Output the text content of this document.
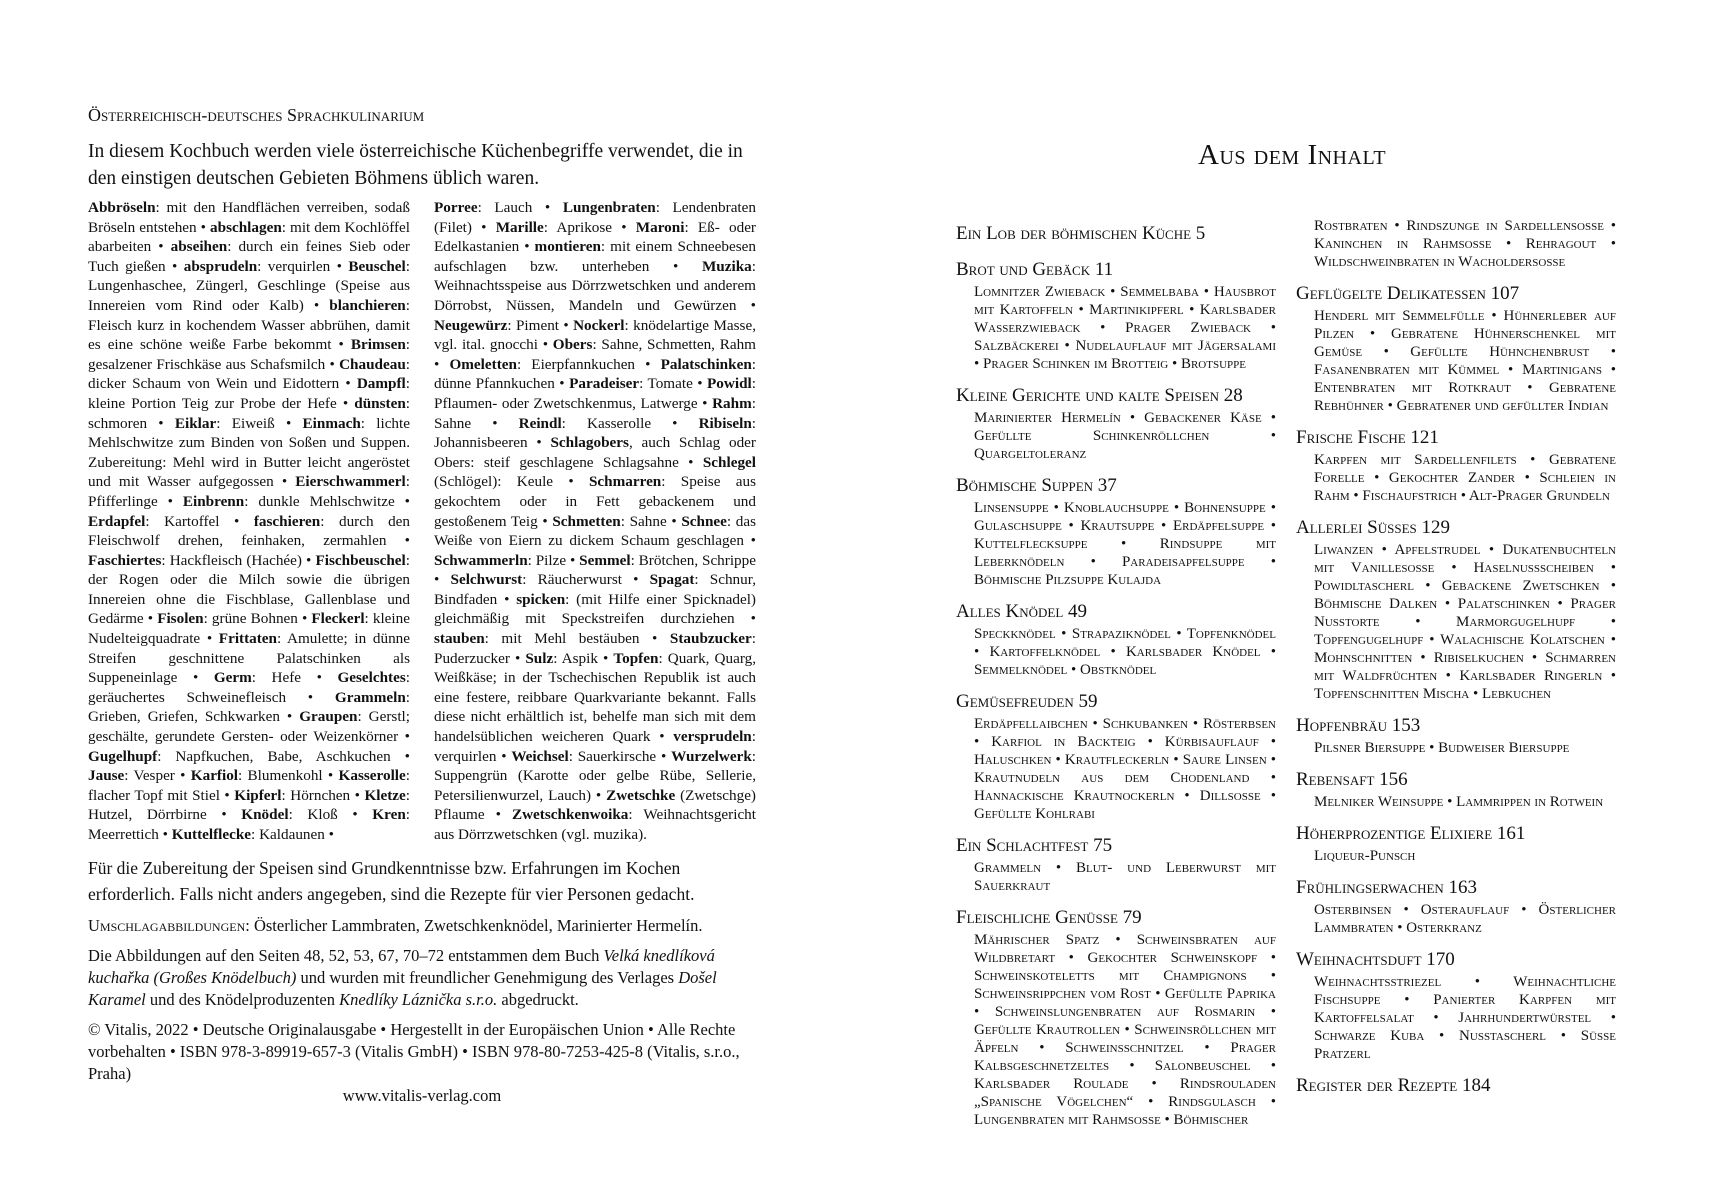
Österreichisch-deutsches Sprachkulinarium

In diesem Kochbuch werden viele österreichische Küchenbegriffe verwendet, die in den einstigen deutschen Gebieten Böhmens üblich waren.

Abbröseln: mit den Handflächen verreiben, sodaß Bröseln entstehen • abschlagen: mit dem Kochlöffel abarbeiten • abseihen: durch ein feines Sieb oder Tuch gießen • absprudeln: verquirlen • Beuschel: Lungenhaschee, Züngerl, Geschlinge (Speise aus Innereien vom Rind oder Kalb) • blanchieren: Fleisch kurz in kochendem Wasser abbrühen, damit es eine schöne weiße Farbe bekommt • Brimsen: gesalzener Frischkäse aus Schafsmilch • Chaudeau: dicker Schaum von Wein und Eidottern • Dampfl: kleine Portion Teig zur Probe der Hefe • dünsten: schmoren • Eiklar: Eiweiß • Einmach: lichte Mehlschwitze zum Binden von Soßen und Suppen. Zubereitung: Mehl wird in Butter leicht angeröstet und mit Wasser aufgegossen • Eierschwammerl: Pfifferlinge • Einbrenn: dunkle Mehlschwitze • Erdapfel: Kartoffel • faschieren: durch den Fleischwolf drehen, feinhaken, zermahlen • Faschiertes: Hackfleisch (Hachée) • Fischbeuschel: der Rogen oder die Milch sowie die übrigen Innereien ohne die Fischblase, Gallenblase und Gedärme • Fisolen: grüne Bohnen • Fleckerl: kleine Nudelteigquadrate • Frittaten: Amulette; in dünne Streifen geschnittene Palatschinken als Suppeneinlage • Germ: Hefe • Geselchtes: geräuchertes Schweinefleisch • Grammeln: Grieben, Griefen, Schkwarken • Graupen: Gerstl; geschälte, gerundete Gersten- oder Weizenkörner • Gugelhupf: Napfkuchen, Babe, Aschkuchen • Jause: Vesper • Karfiol: Blumenkohl • Kasserolle: flacher Topf mit Stiel • Kipferl: Hörnchen • Kletze: Hutzel, Dörrbirne • Knödel: Kloß • Kren: Meerrettich • Kuttelflecke: Kaldaunen •
Porree: Lauch • Lungenbraten: Lendenbraten (Filet) • Marille: Aprikose • Maroni: Eß- oder Edelkastanien • montieren: mit einem Schneebesen aufschlagen bzw. unterheben • Muzika: Weihnachtsspeise aus Dörrzwetschken und anderem Dörrobst, Nüssen, Mandeln und Gewürzen • Neugewürz: Piment • Nockerl: knödelartige Masse, vgl. ital. gnocchi • Obers: Sahne, Schmetten, Rahm • Omeletten: Eierpfannkuchen • Palatschinken: dünne Pfannkuchen • Paradeiser: Tomate • Powidl: Pflaumen- oder Zwetschkenmus, Latwerge • Rahm: Sahne • Reindl: Kasserolle • Ribiseln: Johannisbeeren • Schlagobers, auch Schlag oder Obers: steif geschlagene Schlagsahne • Schlegel (Schlögel): Keule • Schmarren: Speise aus gekochtem oder in Fett gebackenem und gestoßenem Teig • Schmetten: Sahne • Schnee: das Weiße von Eiern zu dickem Schaum geschlagen • Schwammerln: Pilze • Semmel: Brötchen, Schrippe • Selchwurst: Räucherwurst • Spagat: Schnur, Bindfaden • spicken: (mit Hilfe einer Spicknadel) gleichmäßig mit Speckstreifen durchziehen • stauben: mit Mehl bestäuben • Staubzucker: Puderzucker • Sulz: Aspik • Topfen: Quark, Quarg, Weißkäse; in der Tschechischen Republik ist auch eine festere, reibbare Quarkvariante bekannt. Falls diese nicht erhältlich ist, behelfe man sich mit dem handelsüblichen weicheren Quark • versprudeln: verquirlen • Weichsel: Sauerkirsche • Wurzelwerk: Suppengrün (Karotte oder gelbe Rübe, Sellerie, Petersilienwurzel, Lauch) • Zwetschke (Zwetschge) Pflaume • Zwetschkenwoika: Weihnachtsgericht aus Dörrzwetschken (vgl. muzika).

Für die Zubereitung der Speisen sind Grundkenntnisse bzw. Erfahrungen im Kochen erforderlich. Falls nicht anders angegeben, sind die Rezepte für vier Personen gedacht.

Umschlagabbildungen: Österlicher Lammbraten, Zwetschkenknödel, Marinierter Hermelín.

Die Abbildungen auf den Seiten 48, 52, 53, 67, 70–72 entstammen dem Buch Velká knedlíková kuchařka (Großes Knödelbuch) und wurden mit freundlicher Genehmigung des Verlages Došel Karamel und des Knödelproduzenten Knedlíky Láznička s.r.o. abgedruckt.

© Vitalis, 2022 • Deutsche Originalausgabe • Hergestellt in der Europäischen Union • Alle Rechte vorbehalten • ISBN 978-3-89919-657-3 (Vitalis GmbH) • ISBN 978-80-7253-425-8 (Vitalis, s.r.o., Praha)

www.vitalis-verlag.com
Aus dem Inhalt
Ein Lob der böhmischen Küche 5
Brot und Gebäck 11
Lomnitzer Zwieback • Semmelbaba • Hausbrot mit Kartoffeln • Martinikipferl • Karlsbader Wasserzwieback • Prager Zwieback • Salzbäckerei • Nudelauflauf mit Jägersalami • Prager Schinken im Brotteig • Brotsuppe
Kleine Gerichte und kalte Speisen 28
Marinierter Hermelín • Gebackener Käse • Gefüllte Schinkenröllchen • Quargeltoleranz
Böhmische Suppen 37
Linsensuppe • Knoblauchsuppe • Bohnensuppe • Gulaschsuppe • Krautsuppe • Erdäpfelsuppe • Kuttelflecksuppe • Rindsuppe mit Leberknödeln • Paradeisapfelsuppe • Böhmische Pilzsuppe Kulajda
Alles Knödel 49
Speckknödel • Strapaziknödel • Topfenknödel • Kartoffelknödel • Karlsbader Knödel • Semmelknödel • Obstknödel
Gemüsefreuden 59
Erdäpfellaibchen • Schkubanken • Rösterbsen • Karfiol in Backteig • Kürbisauflauf • Haluschken • Krautfleckerln • Saure Linsen • Krautnudeln aus dem Chodenland • Hannackische Krautnockerln • Dillsosse • Gefüllte Kohlrabi
Ein Schlachtfest 75
Grammeln • Blut- und Leberwurst mit Sauerkraut
Fleischliche Genüsse 79
Mährischer Spatz • Schweinsbraten auf Wildbretart • Gekochter Schweinskopf • Schweinskoteletts mit Champignons • Schweinsrippchen vom Rost • Gefüllte Paprika • Schweinslungenbraten auf Rosmarin • Gefüllte Krautrollen • Schweinsröllchen mit Äpfeln • Schweinsschnitzel • Prager Kalbsgeschnetzeltes • Salonbeuschel • Karlsbader Roulade • Rindsrouladen „Spanische Vögelchen“ • Rindsgulasch • Lungenbraten mit Rahmsosse • Böhmischer
Rostbraten • Rindszunge in Sardellensosse • Kaninchen in Rahmsosse • Rehragout • Wildschweinbraten in Wacholdersosse
Geflügelte Delikatessen 107
Henderl mit Semmelfülle • Hühnerleber auf Pilzen • Gebratene Hühnerschenkel mit Gemüse • Gefüllte Hühnchenbrust • Fasanenbraten mit Kümmel • Martinigans • Entenbraten mit Rotkraut • Gebratene Rebhühner • Gebratener und gefüllter Indian
Frische Fische 121
Karpfen mit Sardellenfilets • Gebratene Forelle • Gekochter Zander • Schleien in Rahm • Fischaufstrich • Alt-Prager Grundeln
Allerlei Süsses 129
Liwanzen • Apfelstrudel • Dukatenbuchteln mit Vanillesosse • Haselnussscheiben • Powidltascherl • Gebackene Zwetschken • Böhmische Dalken • Palatschinken • Prager Nusstorte • Marmorgugelhupf • Topfengugelhupf • Walachische Kolatschen • Mohnschnitten • Ribiselkuchen • Schmarren mit Waldfrüchten • Karlsbader Ringerln • Topfenschnitten Mischa • Lebkuchen
Hopfenbräu 153
Pilsner Biersuppe • Budweiser Biersuppe
Rebensaft 156
Melniker Weinsuppe • Lammrippen in Rotwein
Höherprozentige Elixiere 161
Liqueur-Punsch
Frühlingserwachen 163
Osterbinsen • Osterauflauf • Österlicher Lammbraten • Osterkranz
Weihnachtsduft 170
Weihnachtsstriezel • Weihnachtliche Fischsuppe • Panierter Karpfen mit Kartoffelsalat • Jahrhundertwürstel • Schwarze Kuba • Nusstascherl • Süsse Pratzerl
Register der Rezepte 184
